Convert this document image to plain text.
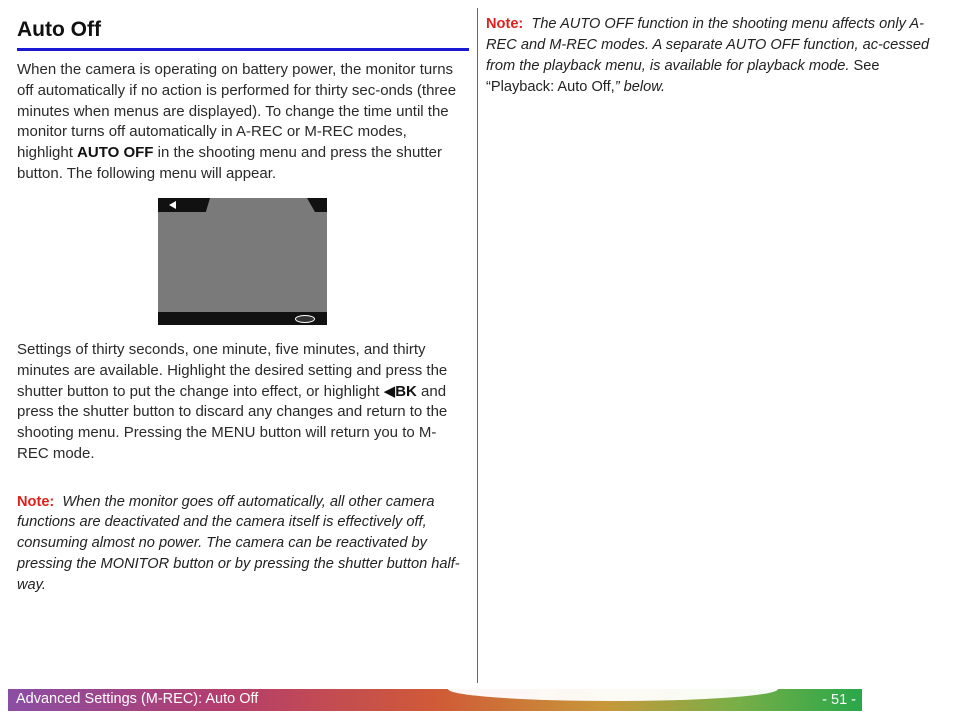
Auto Off

When the camera is operating on battery power, the monitor turns off automatically if no action is performed for thirty sec-onds (three minutes when menus are displayed). To change the time until the monitor turns off automatically in A-REC or M-REC modes, highlight AUTO OFF in the shooting menu and press the shutter button. The following menu will appear.

Settings of thirty seconds, one minute, five minutes, and thirty minutes are available. Highlight the desired setting and press the shutter button to put the change into effect, or highlight ◀BK and press the shutter button to discard any changes and return to the shooting menu. Pressing the MENU button will return you to M-REC mode.

Note: When the monitor goes off automatically, all other camera functions are deactivated and the camera itself is effectively off, consuming almost no power. The camera can be reactivated by pressing the MONITOR button or by pressing the shutter button half-way.

Note: The AUTO OFF function in the shooting menu affects only A-REC and M-REC modes. A separate AUTO OFF function, ac-cessed from the playback menu, is available for playback mode. See “Playback: Auto Off,” below.
Advanced Settings (M-REC): Auto Off	- 51 -
